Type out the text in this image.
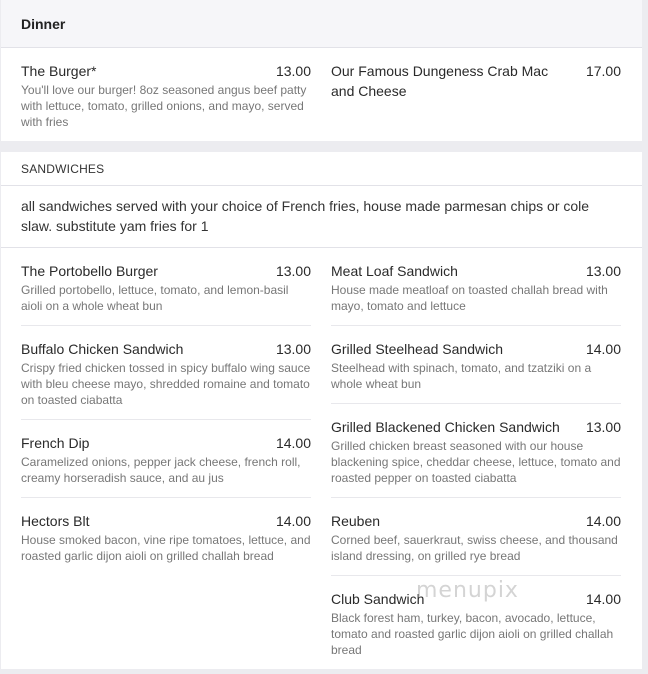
Dinner
The Burger*	13.00
You'll love our burger! 8oz seasoned angus beef patty with lettuce, tomato, grilled onions, and mayo, served with fries
Our Famous Dungeness Crab Mac and Cheese
17.00
SANDWICHES
all sandwiches served with your choice of French fries, house made parmesan chips or cole slaw. substitute yam fries for 1
The Portobello Burger	13.00
Grilled portobello, lettuce, tomato, and lemon-basil aioli on a whole wheat bun
Buffalo Chicken Sandwich	13.00
Crispy fried chicken tossed in spicy buffalo wing sauce with bleu cheese mayo, shredded romaine and tomato on toasted ciabatta
French Dip	14.00
Caramelized onions, pepper jack cheese, french roll, creamy horseradish sauce, and au jus
Hectors Blt	14.00
House smoked bacon, vine ripe tomatoes, lettuce, and roasted garlic dijon aioli on grilled challah bread
Meat Loaf Sandwich	13.00
House made meatloaf on toasted challah bread with mayo, tomato and lettuce
Grilled Steelhead Sandwich	14.00
Steelhead with spinach, tomato, and tzatziki on a whole wheat bun
Grilled Blackened Chicken Sandwich 13.00
Grilled chicken breast seasoned with our house blackening spice, cheddar cheese, lettuce, tomato and roasted pepper on toasted ciabatta
Reuben	14.00
Corned beef, sauerkraut, swiss cheese, and thousand island dressing, on grilled rye bread
Club Sandwich	14.00
Black forest ham, turkey, bacon, avocado, lettuce, tomato and roasted garlic dijon aioli on grilled challah bread
menupix
